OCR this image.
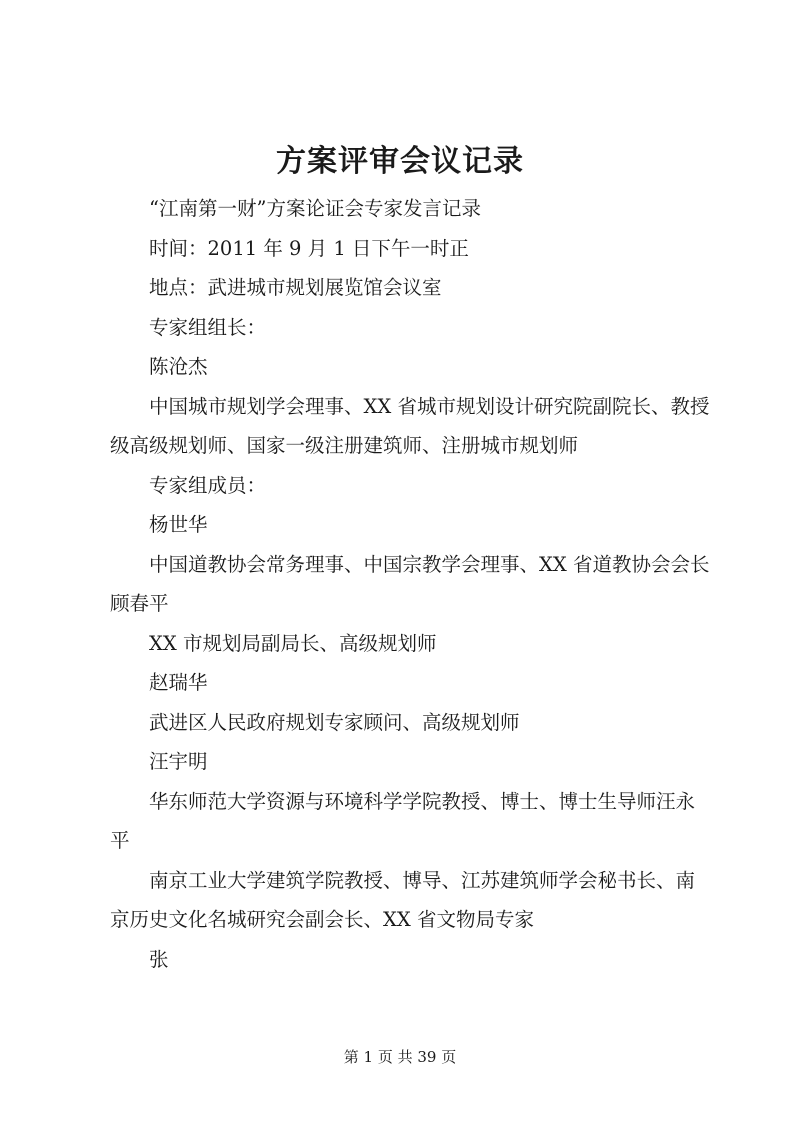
方案评审会议记录

“江南第一财”方案论证会专家发言记录

时间：2011 年 9 月 1 日下午一时正

地点：武进城市规划展览馆会议室

专家组组长：

陈沧杰

中国城市规划学会理事、XX 省城市规划设计研究院副院长、教授级高级规划师、国家一级注册建筑师、注册城市规划师

专家组成员：

杨世华

中国道教协会常务理事、中国宗教学会理事、XX 省道教协会会长顾春平

XX 市规划局副局长、高级规划师

赵瑞华

武进区人民政府规划专家顾问、高级规划师

汪宇明

华东师范大学资源与环境科学学院教授、博士、博士生导师汪永平

南京工业大学建筑学院教授、博导、江苏建筑师学会秘书长、南京历史文化名城研究会副会长、XX 省文物局专家

张

第 1 页 共 39 页
